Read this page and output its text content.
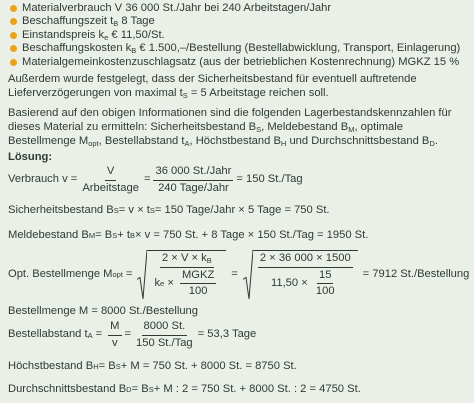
Materialverbrauch V 36 000 St./Jahr bei 240 Arbeitstagen/Jahr
Beschaffungszeit $t_B$ 8 Tage
Einstandspreis $k_e$ € 11,50/St.
Beschaffungskosten $k_B$ € 1.500,–/Bestellung (Bestellabwicklung, Transport, Einlagerung)
Materialgemeinkostenzuschlagsatz (aus der betrieblichen Kostenrechnung) MGKZ 15 %

Außerdem wurde festgelegt, dass der Sicherheitsbestand für eventuell auftretende Lieferverzögerungen von maximal $t_S = 5$ Arbeitstage reichen soll.

Basierend auf den obigen Informationen sind die folgenden Lagerbestandskennzahlen für dieses Material zu ermitteln: Sicherheitsbestand $B_S$, Meldebestand $B_M$, optimale Bestellmenge $M_{opt}$, Bestellabstand $t_A$, Höchstbestand $B_H$ und Durchschnittsbestand $B_D$.

Lösung:

Verbrauch $v = \frac{V}{\text{Arbeitstage}} = \frac{\text{36 000 St./Jahr}}{\text{240 Tage/Jahr}} = 150$ St./Tag
Sicherheitsbestand B S = v × t S = 150 Tage/Jahr × 5 Tage = 750 St.
Meldebestand B M = B S + t B × v = 750 St. + 8 Tage × 150 St./Tag = 1950 St.
Opt. Bestellmenge M opt = $\frac{2 \times V \times k_B}{k e \times \frac{\text{MGKZ}}{100}} = \frac{2 \times 36 000 \times 1500}{11,50 \times \frac{15}{100}} = 7912$ St./Bestellung
Bestellmenge M = 8000 St./Bestellung
Bestellabstand t $A = \frac{M}{v} = \frac{8000 St.}{\text{150 St./Tag}} = 53,3$ Tage
Höchstbestand B H = B S + M = 750 St. + 8000 St. = 8750 St.
Durchschnittsbestand B D = B S + M : 2 = 750 St. + 8000 St. : 2 = 4750 St.
